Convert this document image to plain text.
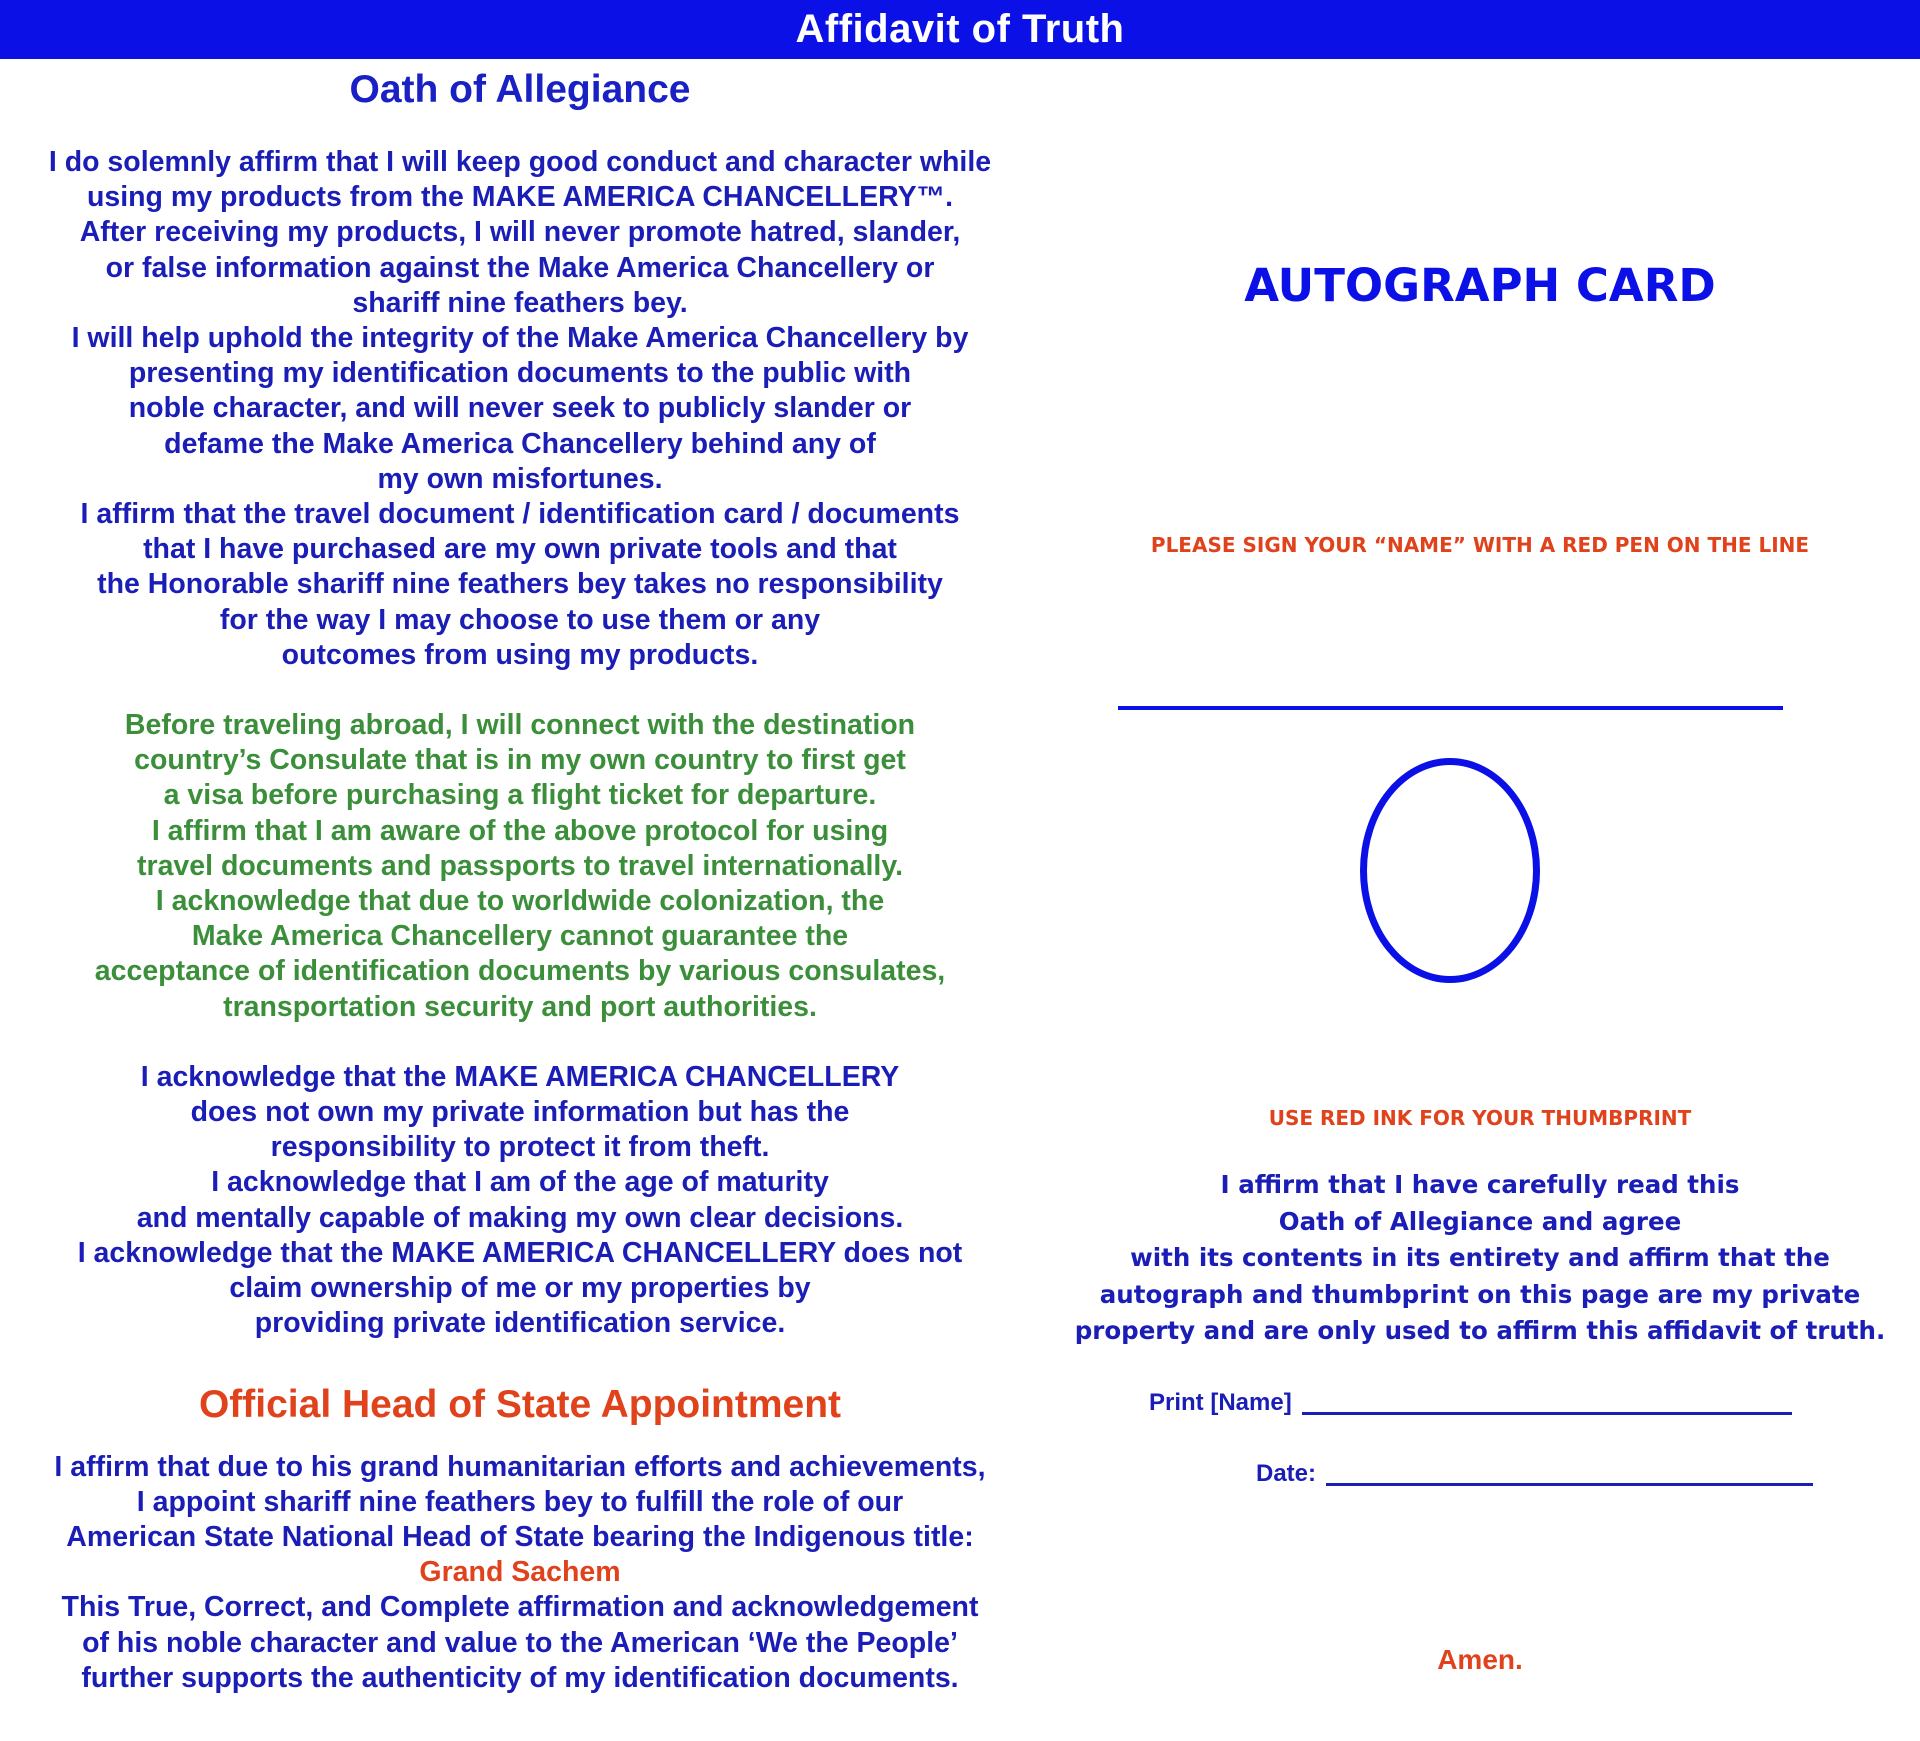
Affidavit of Truth
Oath of Allegiance
I do solemnly affirm that I will keep good conduct and character while
using my products from the MAKE AMERICA CHANCELLERY™.
After receiving my products, I will never promote hatred, slander,
or false information against the Make America Chancellery or
shariff nine feathers bey.
I will help uphold the integrity of the Make America Chancellery by
presenting my identification documents to the public with
noble character, and will never seek to publicly slander or
defame the Make America Chancellery behind any of
my own misfortunes.
I affirm that the travel document / identification card / documents
that I have purchased are my own private tools and that
the Honorable shariff nine feathers bey takes no responsibility
for the way I may choose to use them or any
outcomes from using my products.
Before traveling abroad, I will connect with the destination
country’s Consulate that is in my own country to first get
a visa before purchasing a flight ticket for departure.
I affirm that I am aware of the above protocol for using
travel documents and passports to travel internationally.
I acknowledge that due to worldwide colonization, the
Make America Chancellery cannot guarantee the
acceptance of identification documents by various consulates,
transportation security and port authorities.
I acknowledge that the MAKE AMERICA CHANCELLERY
does not own my private information but has the
responsibility to protect it from theft.
I acknowledge that I am of the age of maturity
and mentally capable of making my own clear decisions.
I acknowledge that the MAKE AMERICA CHANCELLERY does not
claim ownership of me or my properties by
providing private identification service.
Official Head of State Appointment
I affirm that due to his grand humanitarian efforts and achievements,
I appoint shariff nine feathers bey to fulfill the role of our
American State National Head of State bearing the Indigenous title:
Grand Sachem
This True, Correct, and Complete affirmation and acknowledgement
of his noble character and value to the American ‘We the People’
further supports the authenticity of my identification documents.
AUTOGRAPH CARD
PLEASE SIGN YOUR “NAME” WITH A RED PEN ON THE LINE
USE RED INK FOR YOUR THUMBPRINT
I affirm that I have carefully read this
Oath of Allegiance and agree
with its contents in its entirety and affirm that the
autograph and thumbprint on this page are my private
property and are only used to affirm this affidavit of truth.
Print [Name]
Date:
Amen.
